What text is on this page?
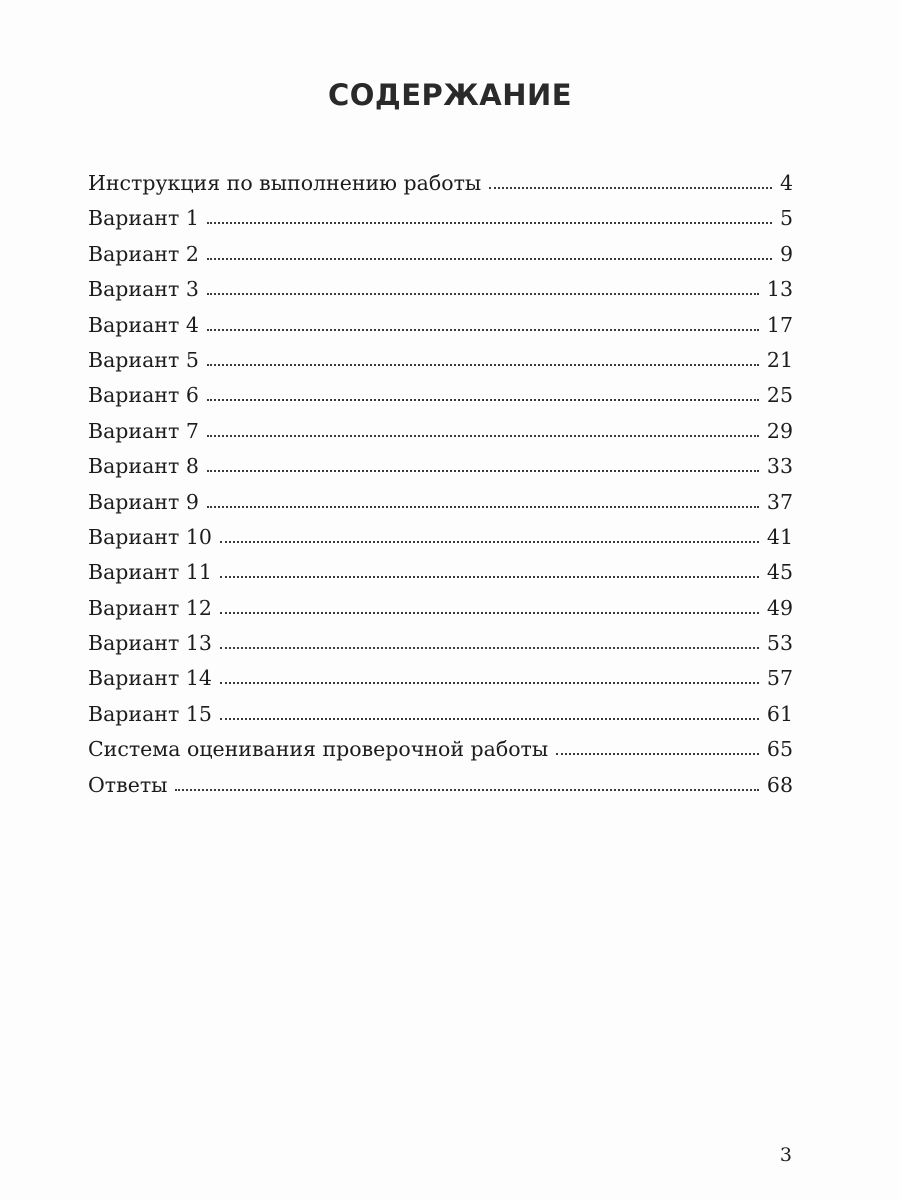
СОДЕРЖАНИЕ
Инструкция по выполнению работы	4
Вариант 1	5
Вариант 2	9
Вариант 3	13
Вариант 4	17
Вариант 5	21
Вариант 6	25
Вариант 7	29
Вариант 8	33
Вариант 9	37
Вариант 10	41
Вариант 11	45
Вариант 12	49
Вариант 13	53
Вариант 14	57
Вариант 15	61
Система оценивания проверочной работы	65
Ответы	68
3
